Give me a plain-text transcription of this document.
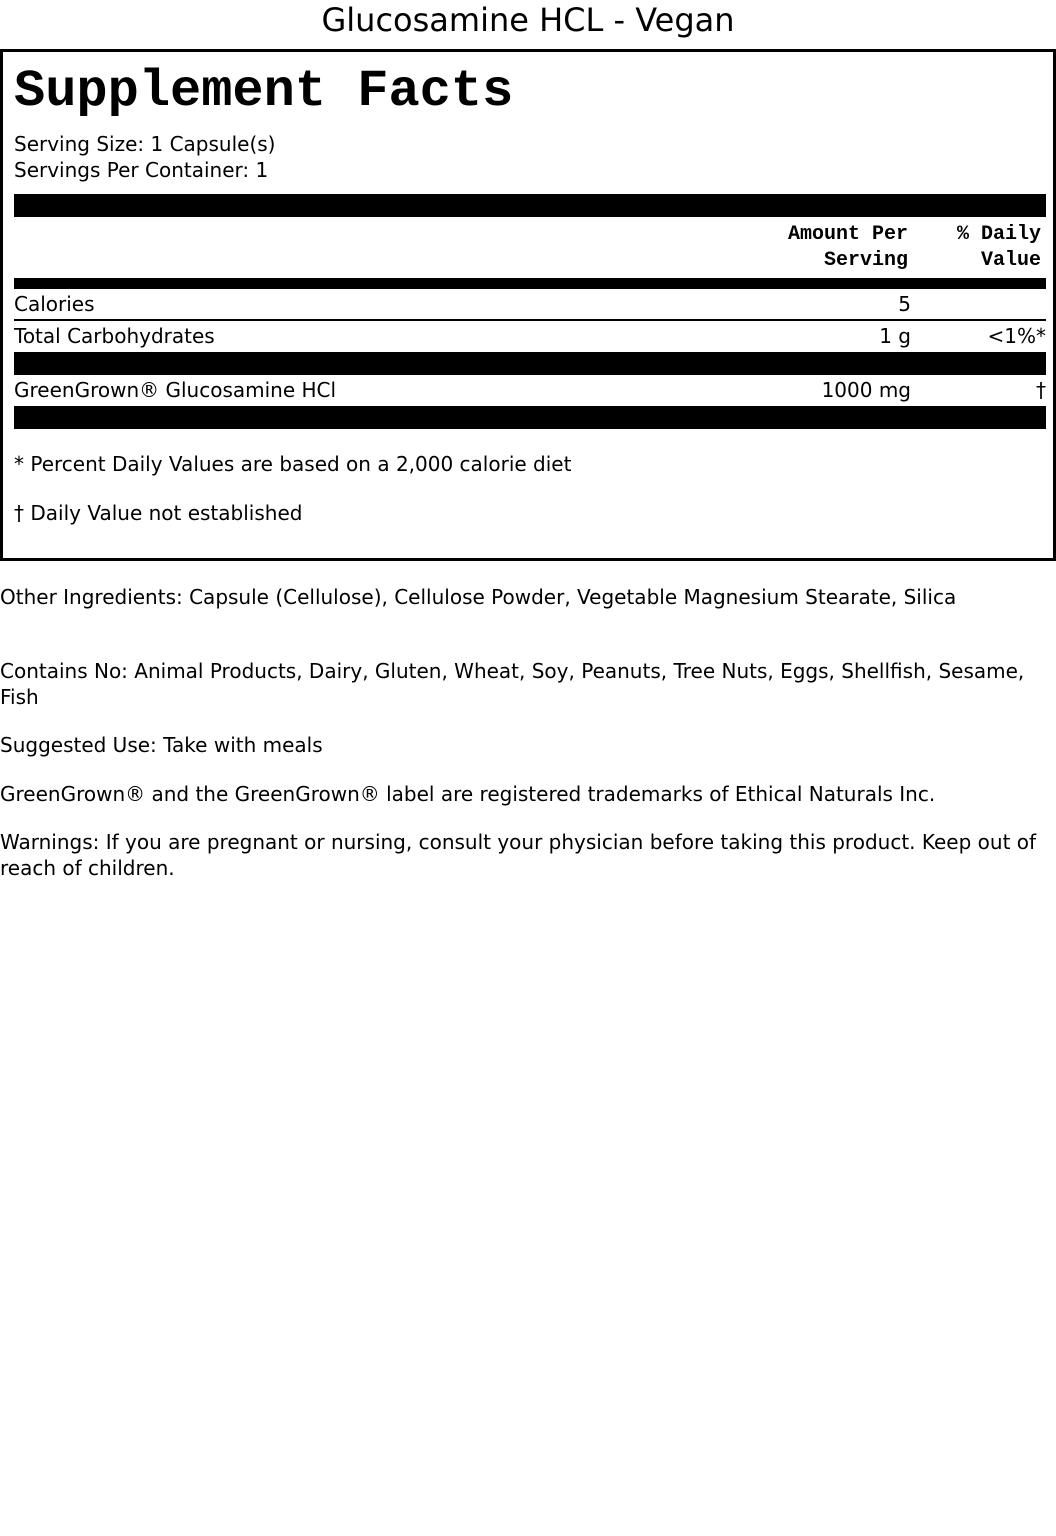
Glucosamine HCL - Vegan
Supplement Facts
Serving Size: 1 Capsule(s)
Servings Per Container: 1
Amount Per
Serving
% Daily
Value
Calories	5
Total Carbohydrates	1 g	<1%*
GreenGrown® Glucosamine HCl	1000 mg	†
* Percent Daily Values are based on a 2,000 calorie diet
† Daily Value not established
Other Ingredients: Capsule (Cellulose), Cellulose Powder, Vegetable Magnesium Stearate, Silica
Contains No: Animal Products, Dairy, Gluten, Wheat, Soy, Peanuts, Tree Nuts, Eggs, Shellfish, Sesame, Fish
Suggested Use: Take with meals
GreenGrown® and the GreenGrown® label are registered trademarks of Ethical Naturals Inc.
Warnings: If you are pregnant or nursing, consult your physician before taking this product. Keep out of reach of children.
